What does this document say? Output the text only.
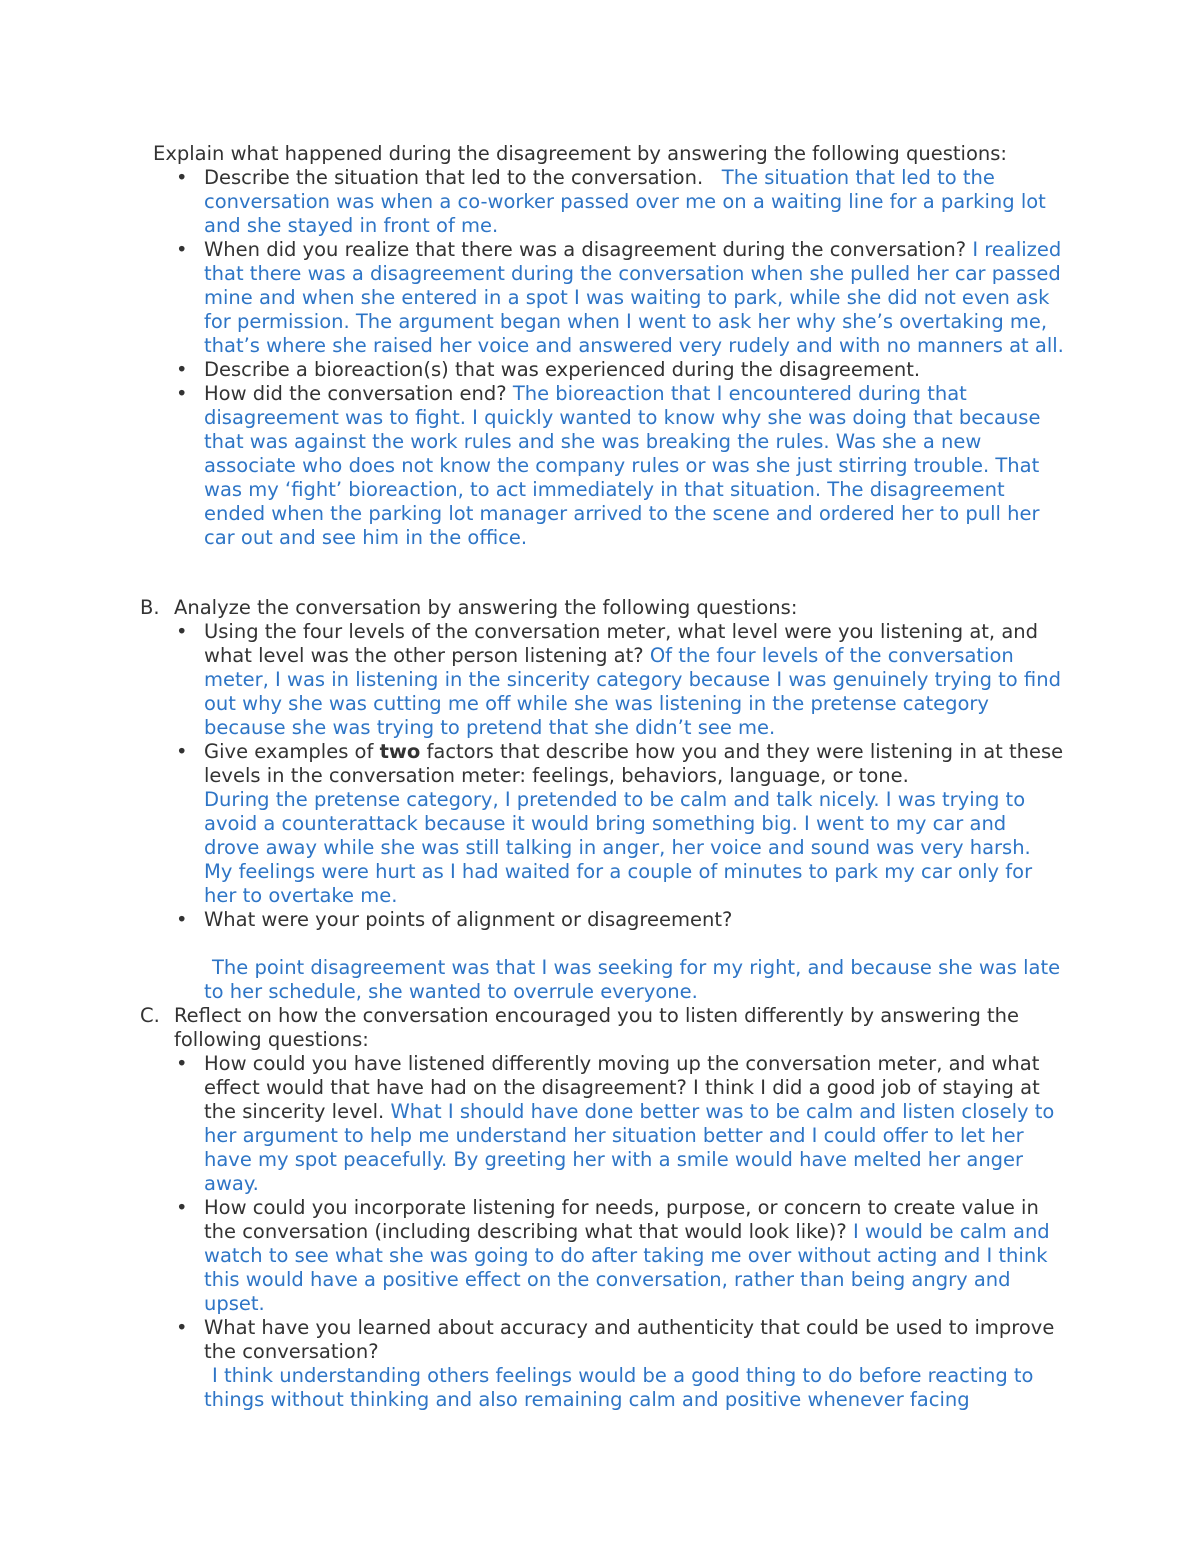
Explain what happened during the disagreement by answering the following questions:
• Describe the situation that led to the conversation. The situation that led to the conversation was when a co-worker passed over me on a waiting line for a parking lot and she stayed in front of me.
• When did you realize that there was a disagreement during the conversation? I realized that there was a disagreement during the conversation when she pulled her car passed mine and when she entered in a spot I was waiting to park, while she did not even ask for permission. The argument began when I went to ask her why she’s overtaking me, that’s where she raised her voice and answered very rudely and with no manners at all.
• Describe a bioreaction(s) that was experienced during the disagreement.
• How did the conversation end? The bioreaction that I encountered during that disagreement was to fight. I quickly wanted to know why she was doing that because that was against the work rules and she was breaking the rules. Was she a new associate who does not know the company rules or was she just stirring trouble. That was my ‘fight’ bioreaction, to act immediately in that situation. The disagreement ended when the parking lot manager arrived to the scene and ordered her to pull her car out and see him in the office.
B. Analyze the conversation by answering the following questions:
• Using the four levels of the conversation meter, what level were you listening at, and what level was the other person listening at? Of the four levels of the conversation meter, I was in listening in the sincerity category because I was genuinely trying to find out why she was cutting me off while she was listening in the pretense category because she was trying to pretend that she didn’t see me.
• Give examples of two factors that describe how you and they were listening in at these levels in the conversation meter: feelings, behaviors, language, or tone.
During the pretense category, I pretended to be calm and talk nicely. I was trying to avoid a counterattack because it would bring something big. I went to my car and drove away while she was still talking in anger, her voice and sound was very harsh. My feelings were hurt as I had waited for a couple of minutes to park my car only for her to overtake me.
• What were your points of alignment or disagreement?
The point disagreement was that I was seeking for my right, and because she was late to her schedule, she wanted to overrule everyone.
C. Reflect on how the conversation encouraged you to listen differently by answering the following questions:
• How could you have listened differently moving up the conversation meter, and what effect would that have had on the disagreement? I think I did a good job of staying at the sincerity level. What I should have done better was to be calm and listen closely to her argument to help me understand her situation better and I could offer to let her have my spot peacefully. By greeting her with a smile would have melted her anger away.
• How could you incorporate listening for needs, purpose, or concern to create value in the conversation (including describing what that would look like)? I would be calm and watch to see what she was going to do after taking me over without acting and I think this would have a positive effect on the conversation, rather than being angry and upset.
• What have you learned about accuracy and authenticity that could be used to improve the conversation?
I think understanding others feelings would be a good thing to do before reacting to things without thinking and also remaining calm and positive whenever facing
